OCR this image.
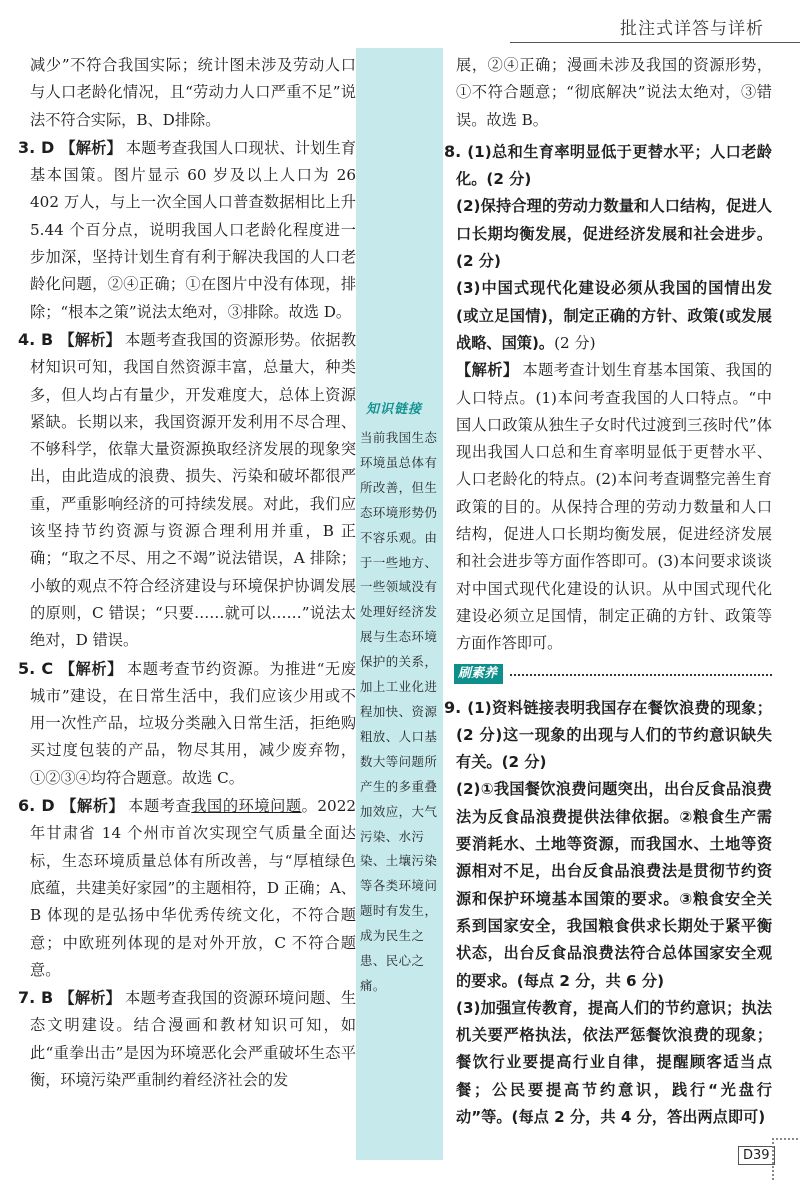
批注式详答与详析

减少”不符合我国实际；统计图未涉及劳动人口与人口老龄化情况，且“劳动力人口严重不足”说法不符合实际，B、D排除。

3. D 【解析】 本题考查我国人口现状、计划生育基本国策。图片显示 60 岁及以上人口为 26 402 万人，与上一次全国人口普查数据相比上升 5.44 个百分点，说明我国人口老龄化程度进一步加深，坚持计划生育有利于解决我国的人口老龄化问题，②④正确；①在图片中没有体现，排除；“根本之策”说法太绝对，③排除。故选 D。

4. B 【解析】 本题考查我国的资源形势。依据教材知识可知，我国自然资源丰富，总量大，种类多，但人均占有量少，开发难度大，总体上资源紧缺。长期以来，我国资源开发利用不尽合理、不够科学，依靠大量资源换取经济发展的现象突出，由此造成的浪费、损失、污染和破坏都很严重，严重影响经济的可持续发展。对此，我们应该坚持节约资源与资源合理利用并重，B 正确；“取之不尽、用之不竭”说法错误，A 排除；小敏的观点不符合经济建设与环境保护协调发展的原则，C 错误；“只要……就可以……”说法太绝对，D 错误。

5. C 【解析】 本题考查节约资源。为推进“无废城市”建设，在日常生活中，我们应该少用或不用一次性产品，垃圾分类融入日常生活，拒绝购买过度包装的产品，物尽其用，减少废弃物，①②③④均符合题意。故选 C。

6. D 【解析】 本题考查我国的环境问题。2022 年甘肃省 14 个州市首次实现空气质量全面达标，生态环境质量总体有所改善，与“厚植绿色底蕴，共建美好家园”的主题相符，D 正确；A、B 体现的是弘扬中华优秀传统文化，不符合题意；中欧班列体现的是对外开放，C 不符合题意。

7. B 【解析】 本题考查我国的资源环境问题、生态文明建设。结合漫画和教材知识可知，如此“重拳出击”是因为环境恶化会严重破坏生态平衡，环境污染严重制约着经济社会的发

知识链接
当前我国生态环境虽总体有所改善，但生态环境形势仍不容乐观。由于一些地方、一些领域没有处理好经济发展与生态环境保护的关系，加上工业化进程加快、资源粗放、人口基数大等问题所产生的多重叠加效应，大气污染、水污染、土壤污染等各类环境问题时有发生，成为民生之患、民心之痛。

展，②④正确；漫画未涉及我国的资源形势，①不符合题意；“彻底解决”说法太绝对，③错误。故选 B。

8. (1)总和生育率明显低于更替水平；人口老龄化。(2 分)

(2)保持合理的劳动力数量和人口结构，促进人口长期均衡发展，促进经济发展和社会进步。(2 分)

(3)中国式现代化建设必须从我国的国情出发(或立足国情)，制定正确的方针、政策(或发展战略、国策)。(2 分)

【解析】 本题考查计划生育基本国策、我国的人口特点。(1)本问考查我国的人口特点。“中国人口政策从独生子女时代过渡到三孩时代”体现出我国人口总和生育率明显低于更替水平、人口老龄化的特点。(2)本问考查调整完善生育政策的目的。从保持合理的劳动力数量和人口结构，促进人口长期均衡发展，促进经济发展和社会进步等方面作答即可。(3)本问要求谈谈对中国式现代化建设的认识。从中国式现代化建设必须立足国情，制定正确的方针、政策等方面作答即可。

刷素养

9. (1)资料链接表明我国存在餐饮浪费的现象；(2 分)这一现象的出现与人们的节约意识缺失有关。(2 分)

(2)①我国餐饮浪费问题突出，出台反食品浪费法为反食品浪费提供法律依据。②粮食生产需要消耗水、土地等资源，而我国水、土地等资源相对不足，出台反食品浪费法是贯彻节约资源和保护环境基本国策的要求。③粮食安全关系到国家安全，我国粮食供求长期处于紧平衡状态，出台反食品浪费法符合总体国家安全观的要求。(每点 2 分，共 6 分)

(3)加强宣传教育，提高人们的节约意识；执法机关要严格执法，依法严惩餐饮浪费的现象；餐饮行业要提高行业自律，提醒顾客适当点餐；公民要提高节约意识，践行“光盘行动”等。(每点 2 分，共 4 分，答出两点即可)

D39
